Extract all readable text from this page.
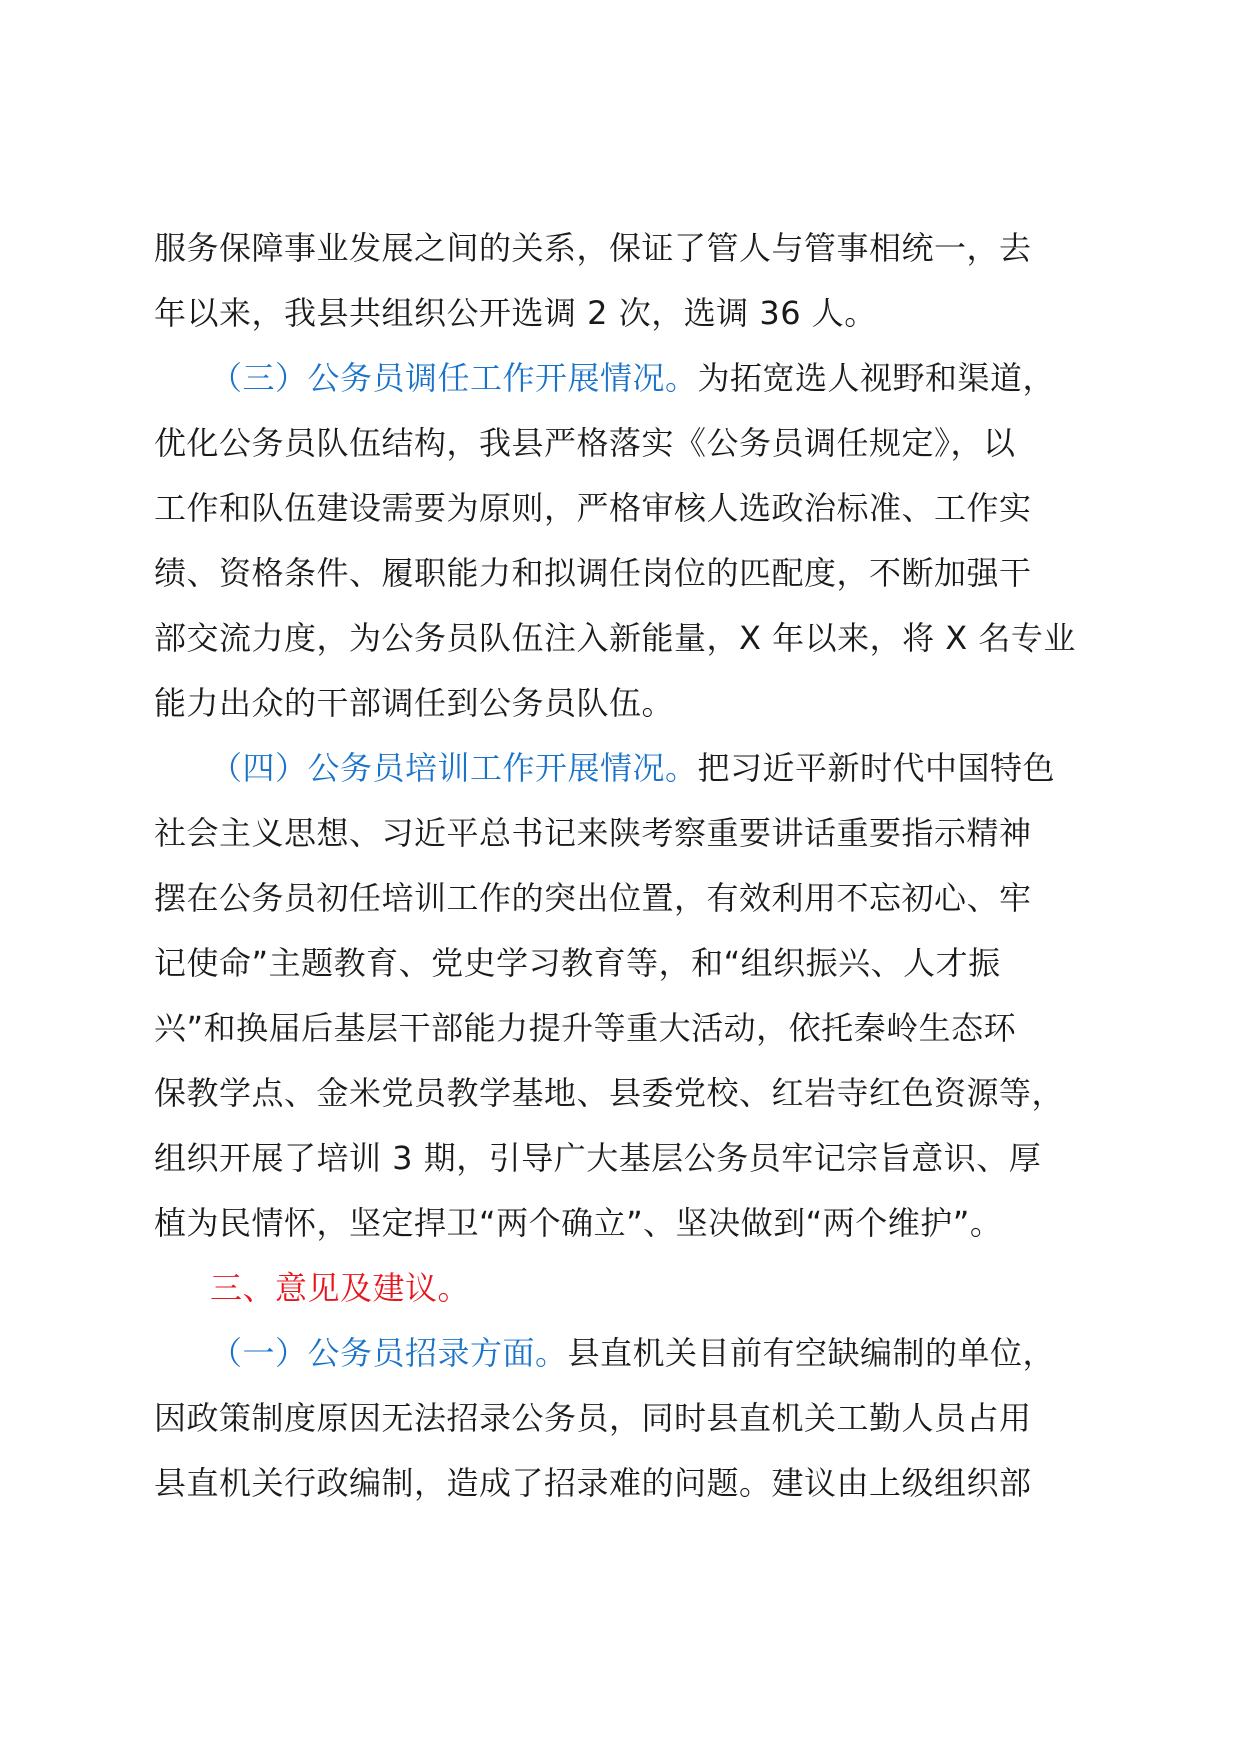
服务保障事业发展之间的关系，保证了管人与管事相统一，去
年以来，我县共组织公开选调 2 次，选调 36 人。
（三）公务员调任工作开展情况。为拓宽选人视野和渠道，
优化公务员队伍结构，我县严格落实《公务员调任规定》，以
工作和队伍建设需要为原则，严格审核人选政治标准、工作实
绩、资格条件、履职能力和拟调任岗位的匹配度，不断加强干
部交流力度，为公务员队伍注入新能量，X 年以来，将 X 名专业
能力出众的干部调任到公务员队伍。
（四）公务员培训工作开展情况。把习近平新时代中国特色
社会主义思想、习近平总书记来陕考察重要讲话重要指示精神
摆在公务员初任培训工作的突出位置，有效利用不忘初心、牢
记使命”主题教育、党史学习教育等，和“组织振兴、人才振
兴”和换届后基层干部能力提升等重大活动，依托秦岭生态环
保教学点、金米党员教学基地、县委党校、红岩寺红色资源等，
组织开展了培训 3 期，引导广大基层公务员牢记宗旨意识、厚
植为民情怀，坚定捍卫“两个确立”、坚决做到“两个维护”。
三、意见及建议。
（一）公务员招录方面。县直机关目前有空缺编制的单位，
因政策制度原因无法招录公务员，同时县直机关工勤人员占用
县直机关行政编制，造成了招录难的问题。建议由上级组织部
